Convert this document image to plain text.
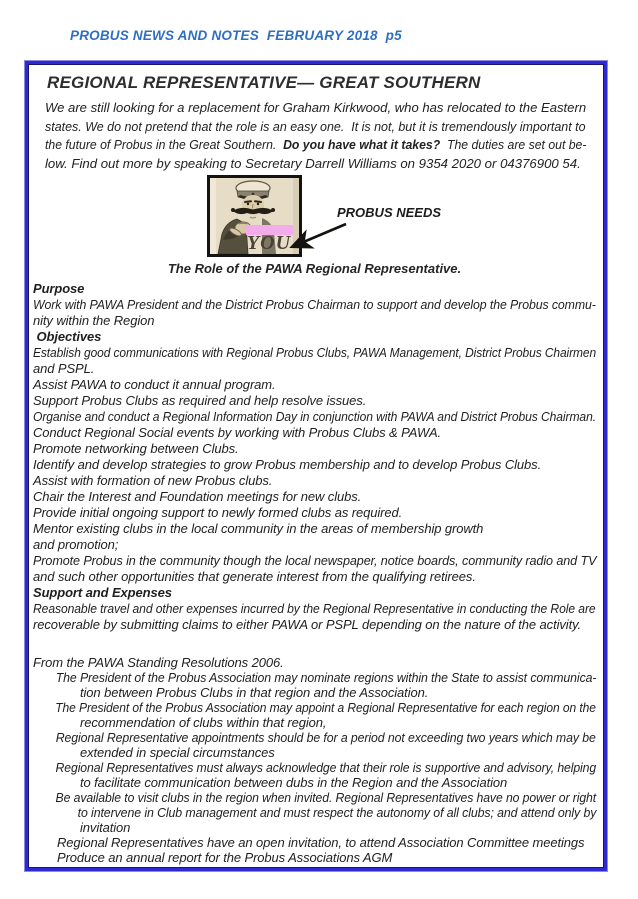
PROBUS NEWS AND NOTES  FEBRUARY 2018  p5
REGIONAL REPRESENTATIVE— GREAT SOUTHERN
We are still looking for a replacement for Graham Kirkwood, who has relocated to the Eastern
states. We do not pretend that the role is an easy one.  It is not, but it is tremendously important to
the future of Probus in the Great Southern.  Do you have what it takes?  The duties are set out be-
low. Find out more by speaking to Secretary Darrell Williams on 9354 2020 or 04376900 54.
YOU
PROBUS NEEDS
The Role of the PAWA Regional Representative.
Purpose
Work with PAWA President and the District Probus Chairman to support and develop the Probus commu-
nity within the Region
Objectives
Establish good communications with Regional Probus Clubs, PAWA Management, District Probus Chairmen
and PSPL.
Assist PAWA to conduct it annual program.
Support Probus Clubs as required and help resolve issues.
Organise and conduct a Regional Information Day in conjunction with PAWA and District Probus Chairman.
Conduct Regional Social events by working with Probus Clubs & PAWA.
Promote networking between Clubs.
Identify and develop strategies to grow Probus membership and to develop Probus Clubs.
Assist with formation of new Probus clubs.
Chair the Interest and Foundation meetings for new clubs.
Provide initial ongoing support to newly formed clubs as required.
Mentor existing clubs in the local community in the areas of membership growth
and promotion;
Promote Probus in the community though the local newspaper, notice boards, community radio and TV
and such other opportunities that generate interest from the qualifying retirees.
Support and Expenses
Reasonable travel and other expenses incurred by the Regional Representative in conducting the Role are
recoverable by submitting claims to either PAWA or PSPL depending on the nature of the activity.
From the PAWA Standing Resolutions 2006.
The President of the Probus Association may nominate regions within the State to assist communica-
tion between Probus Clubs in that region and the Association.
The President of the Probus Association may appoint a Regional Representative for each region on the
recommendation of clubs within that region,
Regional Representative appointments should be for a period not exceeding two years which may be
extended in special circumstances
Regional Representatives must always acknowledge that their role is supportive and advisory, helping
to facilitate communication between dubs in the Region and the Association
Be available to visit clubs in the region when invited. Regional Representatives have no power or right
to intervene in Club management and must respect the autonomy of all clubs; and attend only by
invitation
Regional Representatives have an open invitation, to attend Association Committee meetings
Produce an annual report for the Probus Associations AGM
